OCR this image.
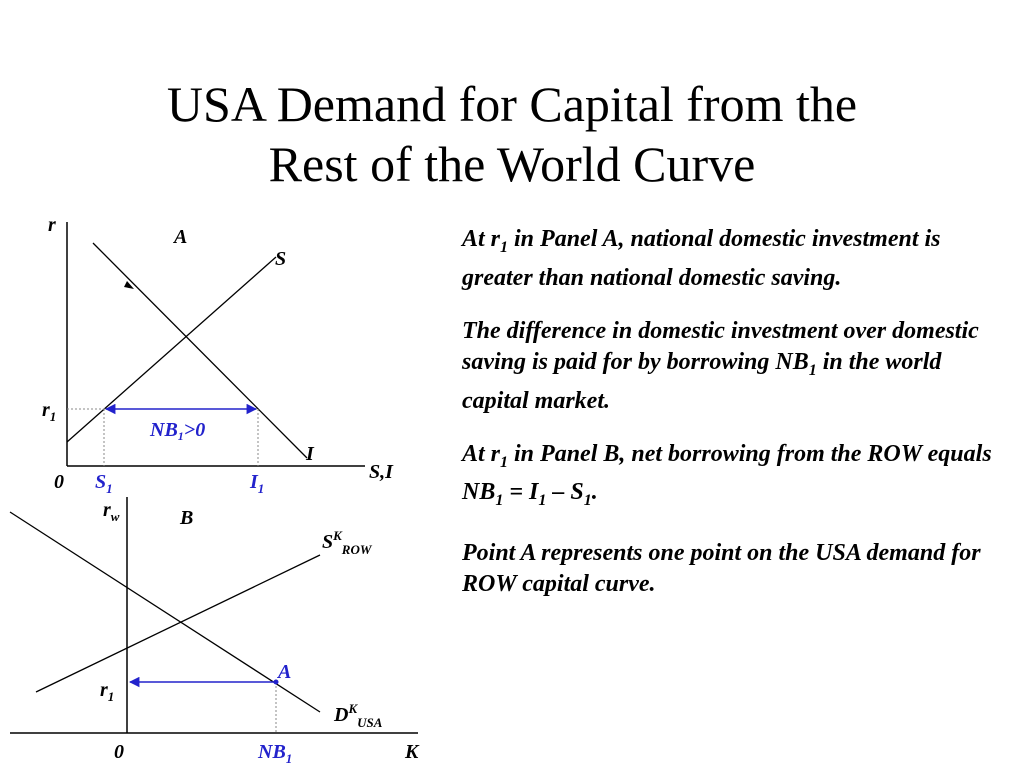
USA Demand for Capital from the
Rest of the World Curve
r
A
S
I
S,I
0
$r_1$
$NB_1>0$
$S_1$	$I_1$
$r_w$	B
$S^K_{ROW}$
$D^K_{USA}$
A
$r_1$
0	$NB_1$	K

At $r_1$ in Panel A, national domestic investment is greater than national domestic saving.

The difference in domestic investment over domestic saving is paid for by borrowing $NB_1$ in the world capital market.

At $r_1$ in Panel B, net borrowing from the ROW equals $NB_1 = I_1 - S_1$.

Point A represents one point on the USA demand for ROW capital curve.
